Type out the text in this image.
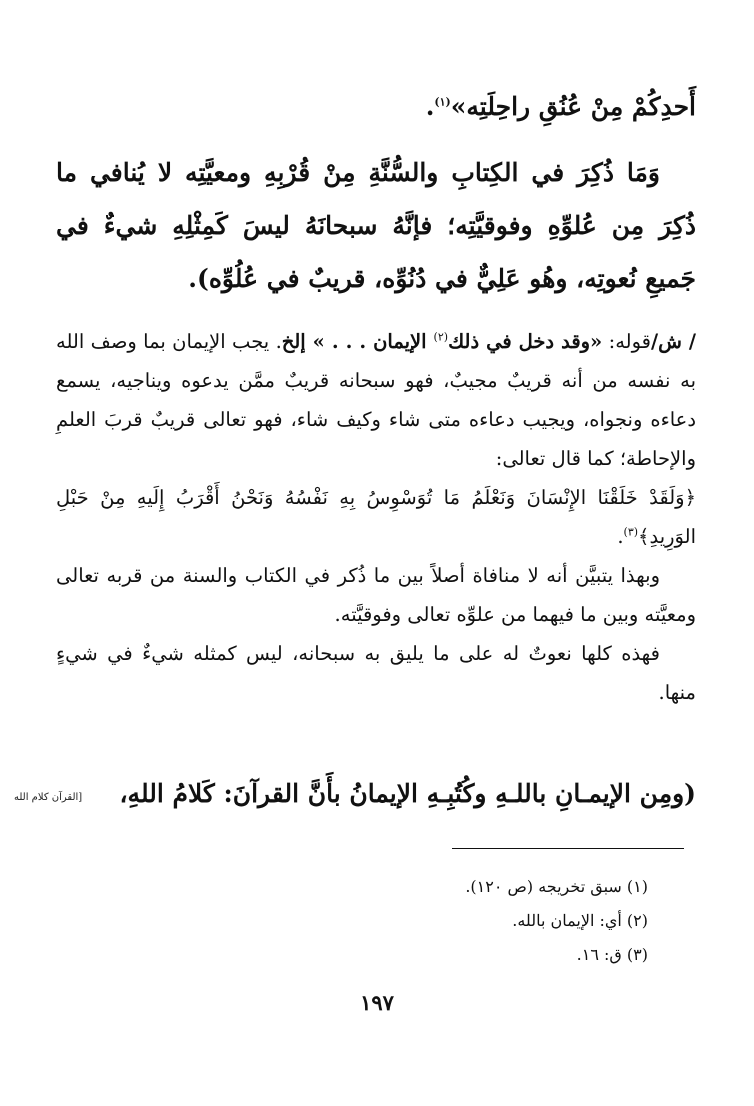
أَحدِكُمْ مِنْ عُنُقِ راحِلَتِه»$^{(١)}$.
وَمَا ذُكِرَ في الكِتابِ والسُّنَّةِ مِنْ قُرْبِهِ ومعيَّتِه لا يُنافي ما ذُكِرَ مِن عُلوِّهِ وفوقيَّتِه؛ فإنَّهُ سبحانَهُ ليسَ كَمِثْلِهِ شيءٌ في جَميعِ نُعوتِه، وهُو عَلِيٌّ في دُنُوِّه، قريبٌ في عُلُوِّه).
/ ش/قوله: «وقد دخل في ذلك$^{(٢)}$ الإيمان . . . » إلخ. يجب الإيمان بما وصف الله به نفسه من أنه قريبٌ مجيبٌ، فهو سبحانه قريبٌ ممَّن يدعوه ويناجيه، يسمع دعاءه ونجواه، ويجيب دعاءه متى شاء وكيف شاء، فهو تعالى قريبٌ قربَ العلمِ والإحاطة؛ كما قال تعالى:
﴿وَلَقَدْ خَلَقْنَا الإِنْسَانَ وَنَعْلَمُ مَا تُوَسْوِسُ بِهِ نَفْسُهُ وَنَحْنُ أَقْرَبُ إِلَيهِ مِنْ حَبْلِ الوَرِيدِ﴾$^{(٣)}$.
وبهذا يتبيَّن أنه لا منافاة أصلاً بين ما ذُكر في الكتاب والسنة من قربه تعالى ومعيَّته وبين ما فيهما من علوِّه تعالى وفوقيَّته.
فهذه كلها نعوتٌ له على ما يليق به سبحانه، ليس كمثله شيءٌ في شيءٍ منها.
(ومِن الإيمـانِ باللـهِ وكُتُبِـهِ الإيمانُ بأَنَّ القرآنَ: كَلامُ اللهِ،
[القرآن كلام الله
(١) سبق تخريجه (ص ١٢٠).
(٢) أي: الإيمان بالله.
(٣) ق: ١٦.
١٩٧
